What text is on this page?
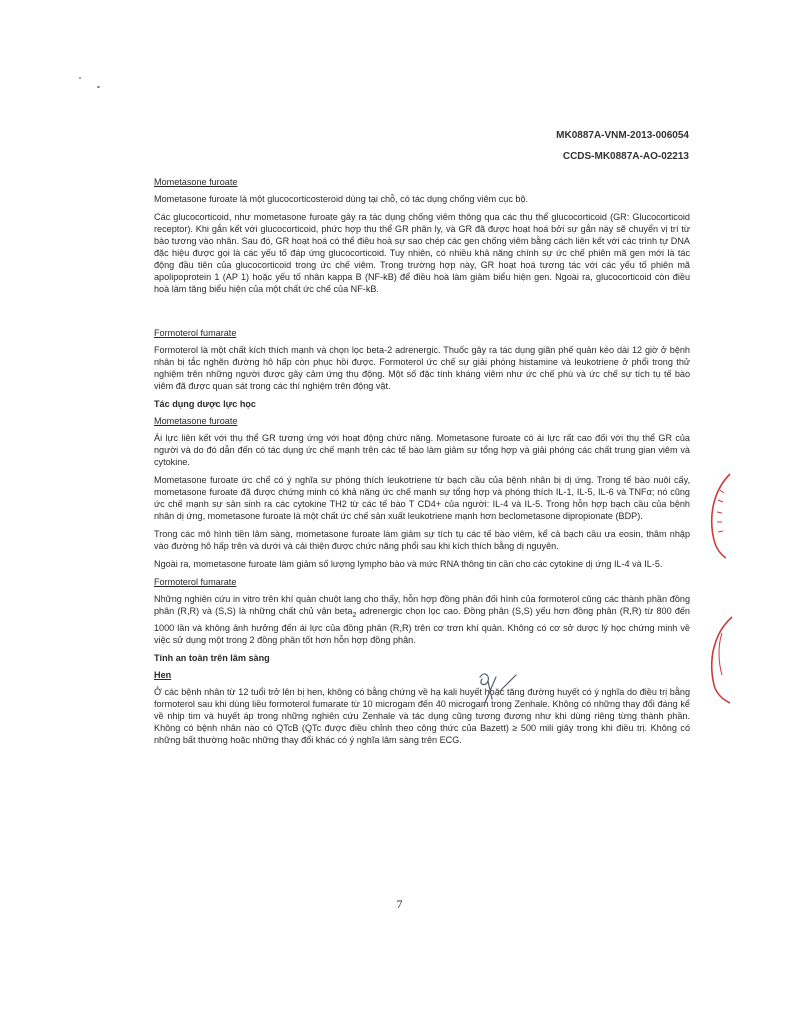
MK0887A-VNM-2013-006054
CCDS-MK0887A-AO-02213
Mometasone furoate

Mometasone furoate là một glucocorticosteroid dùng tại chỗ, có tác dụng chống viêm cục bộ.

Các glucocorticoid, như mometasone furoate gây ra tác dụng chống viêm thông qua các thụ thể glucocorticoid (GR: Glucocorticoid receptor). Khi gắn kết với glucocorticoid, phức hợp thụ thể GR phân ly, và GR đã được hoạt hoá bởi sự gắn này sẽ chuyển vị trí từ bào tương vào nhân. Sau đó, GR hoạt hoá có thể điều hoà sự sao chép các gen chống viêm bằng cách liên kết với các trình tự DNA đặc hiệu được gọi là các yếu tố đáp ứng glucocorticoid. Tuy nhiên, có nhiều khả năng chính sự ức chế phiên mã gen mới là tác động đầu tiên của glucocorticoid trong ức chế viêm. Trong trường hợp này, GR hoạt hoá tương tác với các yếu tố phiên mã apolipoprotein 1 (AP 1) hoặc yếu tố nhân kappa B (NF-kB) để điều hoà làm giảm biểu hiện gen. Ngoài ra, glucocorticoid còn điều hoà làm tăng biểu hiện của một chất ức chế của NF-kB.

Formoterol fumarate

Formoterol là một chất kích thích mạnh và chọn lọc beta-2 adrenergic. Thuốc gây ra tác dụng giãn phế quản kéo dài 12 giờ ở bệnh nhân bị tắc nghẽn đường hô hấp còn phục hồi được. Formoterol ức chế sự giải phóng histamine và leukotriene ở phổi trong thử nghiệm trên những người được gây cảm ứng thụ động. Một số đặc tính kháng viêm như ức chế phù và ức chế sự tích tụ tế bào viêm đã được quan sát trong các thí nghiệm trên động vật.

Tác dụng dược lực học
Mometasone furoate

Ái lực liên kết với thụ thể GR tương ứng với hoạt động chức năng. Mometasone furoate có ái lực rất cao đối với thụ thể GR của người và do đó dẫn đến có tác dụng ức chế mạnh trên các tế bào làm giảm sự tổng hợp và giải phóng các chất trung gian viêm và cytokine.

Mometasone furoate ức chế có ý nghĩa sự phóng thích leukotriene từ bạch cầu của bệnh nhân bị dị ứng. Trong tế bào nuôi cấy, mometasone furoate đã được chứng minh có khả năng ức chế mạnh sự tổng hợp và phóng thích IL-1, IL-5, IL-6 và TNFα; nó cũng ức chế mạnh sự sản sinh ra các cytokine TH2 từ các tế bào T CD4+ của người: IL-4 và IL-5. Trong hỗn hợp bạch cầu của bệnh nhân dị ứng, mometasone furoate là một chất ức chế sản xuất leukotriene mạnh hơn beclometasone dipropionate (BDP).

Trong các mô hình tiền lâm sàng, mometasone furoate làm giảm sự tích tụ các tế bào viêm, kể cả bạch cầu ưa eosin, thâm nhập vào đường hô hấp trên và dưới và cải thiện được chức năng phổi sau khi kích thích bằng dị nguyên.

Ngoài ra, mometasone furoate làm giảm số lượng lympho bào và mức RNA thông tin cần cho các cytokine dị ứng IL-4 và IL-5.

Formoterol fumarate

Những nghiên cứu in vitro trên khí quản chuột lang cho thấy, hỗn hợp đồng phân đối hình của formoterol cũng các thành phần đồng phân (R,R) và (S,S) là những chất chủ vận beta$_2$ adrenergic chọn lọc cao. Đồng phân (S,S) yếu hơn đồng phân (R,R) từ 800 đến 1000 lần và không ảnh hưởng đến ái lực của đồng phân (R,R) trên cơ trơn khí quản. Không có cơ sở dược lý học chứng minh về việc sử dụng một trong 2 đồng phân tốt hơn hỗn hợp đồng phân.

Tính an toàn trên lâm sàng
Hen

Ở các bệnh nhân từ 12 tuổi trở lên bị hen, không có bằng chứng về hạ kali huyết hoặc tăng đường huyết có ý nghĩa do điều trị bằng formoterol sau khi dùng liều formoterol fumarate từ 10 microgam đến 40 microgam trong Zenhale. Không có những thay đổi đáng kể về nhịp tim và huyết áp trong những nghiên cứu Zenhale và tác dụng cũng tương đương như khi dùng riêng từng thành phần. Không có bệnh nhân nào có QTcB (QTc được điều chỉnh theo công thức của Bazett) ≥ 500 mili giây trong khi điều trị. Không có những bất thường hoặc những thay đổi khác có ý nghĩa lâm sàng trên ECG.

7
